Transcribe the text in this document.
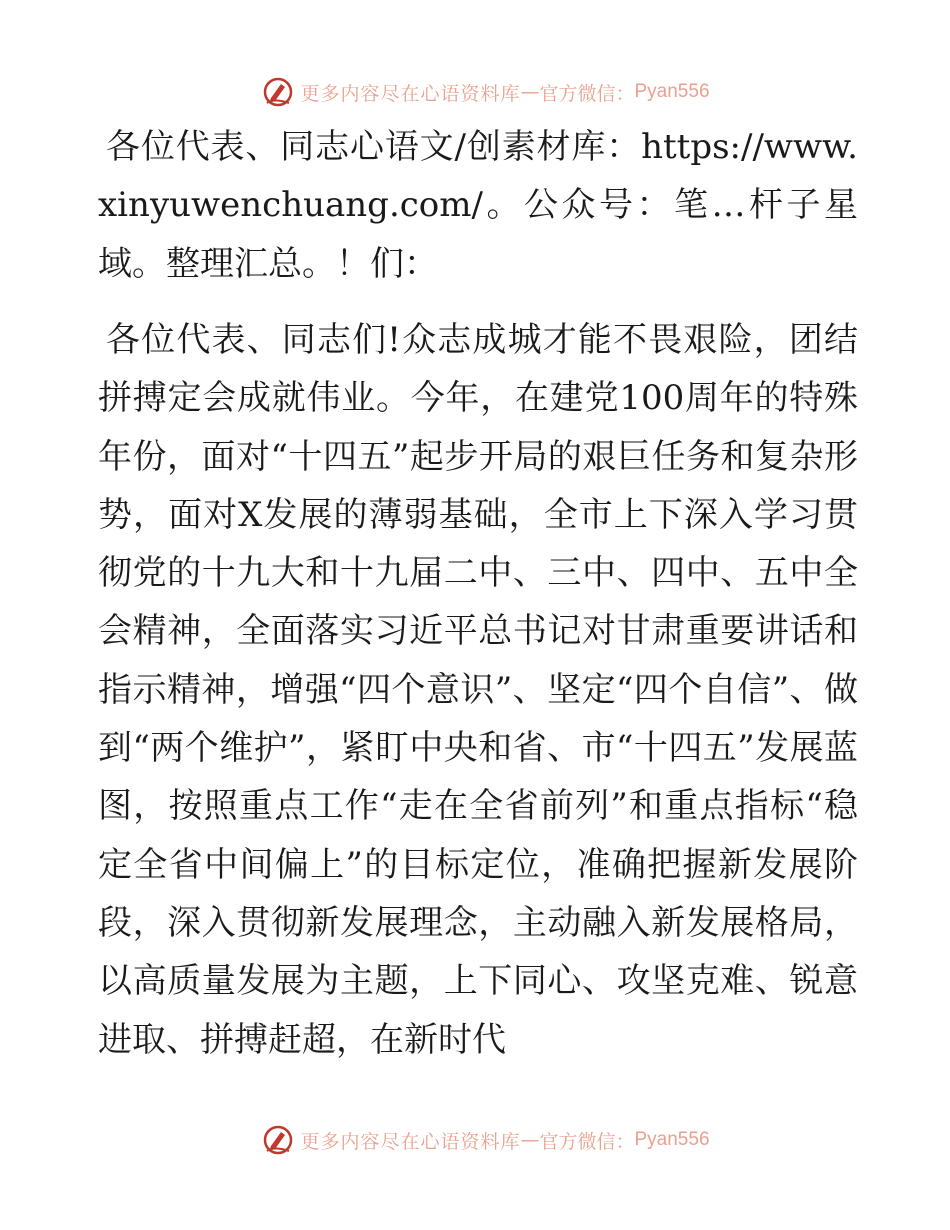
更多内容尽在心语资料库 — 官方微信： Pyan556

各位代表、同志心语文/创素材库：https://www.xinyuwenchuang.com/。公众号：笔…杆子星域。整理汇总。！们：

各位代表、同志们!众志成城才能不畏艰险，团结拼搏定会成就伟业。今年，在建党100周年的特殊年份，面对“十四五”起步开局的艰巨任务和复杂形势，面对X发展的薄弱基础，全市上下深入学习贯彻党的十九大和十九届二中、三中、四中、五中全会精神，全面落实习近平总书记对甘肃重要讲话和指示精神，增强“四个意识”、坚定“四个自信”、做到“两个维护”，紧盯中央和省、市“十四五”发展蓝图，按照重点工作“走在全省前列”和重点指标“稳定全省中间偏上”的目标定位，准确把握新发展阶段，深入贯彻新发展理念，主动融入新发展格局，以高质量发展为主题，上下同心、攻坚克难、锐意进取、拼搏赶超，在新时代

更多内容尽在心语资料库 — 官方微信： Pyan556
